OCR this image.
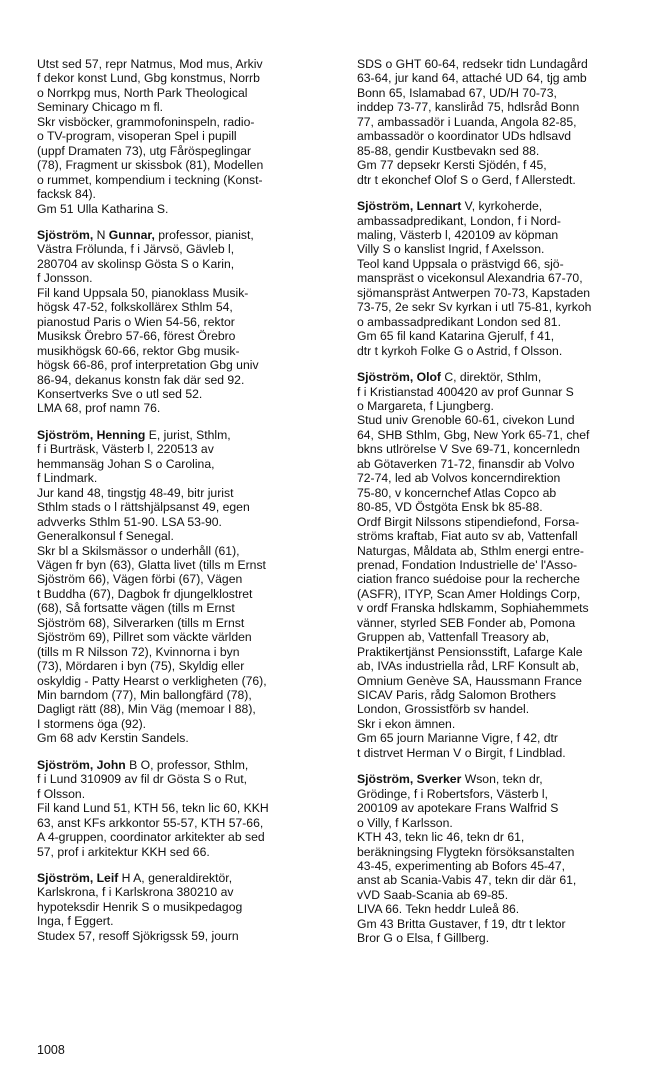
Utst sed 57, repr Natmus, Mod mus, Arkiv
f dekor konst Lund, Gbg konstmus, Norrb
o Norrkpg mus, North Park Theological
Seminary Chicago m fl.
Skr visböcker, grammofoninspeln, radio-
o TV-program, visoperan Spel i pupill
(uppf Dramaten 73), utg Fåröspeglingar
(78), Fragment ur skissbok (81), Modellen
o rummet, kompendium i teckning (Konst-
facksk 84).
Gm 51 Ulla Katharina S.
Sjöström, N Gunnar, professor, pianist,
Västra Frölunda, f i Järvsö, Gävleb l,
280704 av skolinsp Gösta S o Karin,
f Jonsson.
Fil kand Uppsala 50, pianoklass Musik-
högsk 47-52, folkskollärex Sthlm 54,
pianostud Paris o Wien 54-56, rektor
Musiksk Örebro 57-66, förest Örebro
musikhögsk 60-66, rektor Gbg musik-
högsk 66-86, prof interpretation Gbg univ
86-94, dekanus konstn fak där sed 92.
Konsertverks Sve o utl sed 52.
LMA 68, prof namn 76.
Sjöström, Henning E, jurist, Sthlm,
f i Burträsk, Västerb l, 220513 av
hemmansäg Johan S o Carolina,
f Lindmark.
Jur kand 48, tingstjg 48-49, bitr jurist
Sthlm stads o l rättshjälpsanst 49, egen
advverks Sthlm 51-90. LSA 53-90.
Generalkonsul f Senegal.
Skr bl a Skilsmässor o underhåll (61),
Vägen fr byn (63), Glatta livet (tills m Ernst
Sjöström 66), Vägen förbi (67), Vägen
t Buddha (67), Dagbok fr djungelklostret
(68), Så fortsatte vägen (tills m Ernst
Sjöström 68), Silverarken (tills m Ernst
Sjöström 69), Pillret som väckte världen
(tills m R Nilsson 72), Kvinnorna i byn
(73), Mördaren i byn (75), Skyldig eller
oskyldig - Patty Hearst o verkligheten (76),
Min barndom (77), Min ballongfärd (78),
Dagligt rätt (88), Min Väg (memoar I 88),
I stormens öga (92).
Gm 68 adv Kerstin Sandels.
Sjöström, John B O, professor, Sthlm,
f i Lund 310909 av fil dr Gösta S o Rut,
f Olsson.
Fil kand Lund 51, KTH 56, tekn lic 60, KKH
63, anst KFs arkkontor 55-57, KTH 57-66,
A 4-gruppen, coordinator arkitekter ab sed
57, prof i arkitektur KKH sed 66.
Sjöström, Leif H A, generaldirektör,
Karlskrona, f i Karlskrona 380210 av
hypoteksdir Henrik S o musikpedagog
Inga, f Eggert.
Studex 57, resoff Sjökrigssk 59, journ
SDS o GHT 60-64, redsekr tidn Lundagård
63-64, jur kand 64, attaché UD 64, tjg amb
Bonn 65, Islamabad 67, UD/H 70-73,
inddep 73-77, kansliråd 75, hdlsråd Bonn
77, ambassadör i Luanda, Angola 82-85,
ambassadör o koordinator UDs hdlsavd
85-88, gendir Kustbevakn sed 88.
Gm 77 depsekr Kersti Sjödén, f 45,
dtr t ekonchef Olof S o Gerd, f Allerstedt.
Sjöström, Lennart V, kyrkoherde,
ambassadpredikant, London, f i Nord-
maling, Västerb l, 420109 av köpman
Villy S o kanslist Ingrid, f Axelsson.
Teol kand Uppsala o prästvigd 66, sjö-
manspräst o vicekonsul Alexandria 67-70,
sjömanspräst Antwerpen 70-73, Kapstaden
73-75, 2e sekr Sv kyrkan i utl 75-81, kyrkoh
o ambassadpredikant London sed 81.
Gm 65 fil kand Katarina Gjerulf, f 41,
dtr t kyrkoh Folke G o Astrid, f Olsson.
Sjöström, Olof C, direktör, Sthlm,
f i Kristianstad 400420 av prof Gunnar S
o Margareta, f Ljungberg.
Stud univ Grenoble 60-61, civekon Lund
64, SHB Sthlm, Gbg, New York 65-71, chef
bkns utlrörelse V Sve 69-71, koncernledn
ab Götaverken 71-72, finansdir ab Volvo
72-74, led ab Volvos koncerndirektion
75-80, v koncernchef Atlas Copco ab
80-85, VD Östgöta Ensk bk 85-88.
Ordf Birgit Nilssons stipendiefond, Forsa-
ströms kraftab, Fiat auto sv ab, Vattenfall
Naturgas, Måldata ab, Sthlm energi entre-
prenad, Fondation Industrielle de' l'Asso-
ciation franco suédoise pour la recherche
(ASFR), ITYP, Scan Amer Holdings Corp,
v ordf Franska hdlskamm, Sophiahemmets
vänner, styrled SEB Fonder ab, Pomona
Gruppen ab, Vattenfall Treasory ab,
Praktikertjänst Pensionsstift, Lafarge Kale
ab, IVAs industriella råd, LRF Konsult ab,
Omnium Genève SA, Haussmann France
SICAV Paris, rådg Salomon Brothers
London, Grossistförb sv handel.
Skr i ekon ämnen.
Gm 65 journ Marianne Vigre, f 42, dtr
t distrvet Herman V o Birgit, f Lindblad.
Sjöström, Sverker Wson, tekn dr,
Grödinge, f i Robertsfors, Västerb l,
200109 av apotekare Frans Walfrid S
o Villy, f Karlsson.
KTH 43, tekn lic 46, tekn dr 61,
beräkningsing Flygtekn försöksanstalten
43-45, experimenting ab Bofors 45-47,
anst ab Scania-Vabis 47, tekn dir där 61,
vVD Saab-Scania ab 69-85.
LIVA 66. Tekn heddr Luleå 86.
Gm 43 Britta Gustaver, f 19, dtr t lektor
Bror G o Elsa, f Gillberg.
1008
